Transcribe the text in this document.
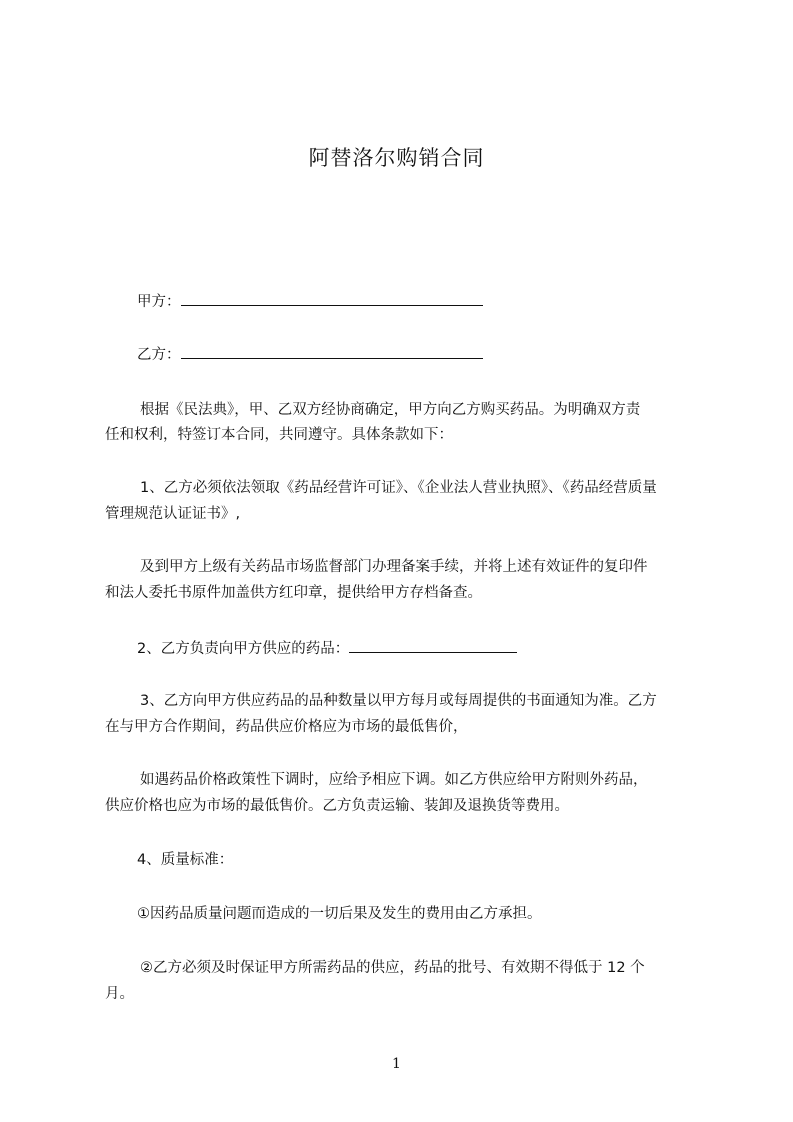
阿替洛尔购销合同
甲方：
乙方：
根据《民法典》，甲、乙双方经协商确定，甲方向乙方购买药品。为明确双方责
任和权利，特签订本合同，共同遵守。具体条款如下：
1、乙方必须依法领取《药品经营许可证》、《企业法人营业执照》、《药品经营质量
管理规范认证证书》,
及到甲方上级有关药品市场监督部门办理备案手续，并将上述有效证件的复印件
和法人委托书原件加盖供方红印章，提供给甲方存档备查。
2、乙方负责向甲方供应的药品：
3、乙方向甲方供应药品的品种数量以甲方每月或每周提供的书面通知为准。乙方
在与甲方合作期间，药品供应价格应为市场的最低售价，
如遇药品价格政策性下调时，应给予相应下调。如乙方供应给甲方附则外药品，
供应价格也应为市场的最低售价。乙方负责运输、装卸及退换货等费用。
4、质量标准：
①因药品质量问题而造成的一切后果及发生的费用由乙方承担。
②乙方必须及时保证甲方所需药品的供应，药品的批号、有效期不得低于 12 个
月。
1
